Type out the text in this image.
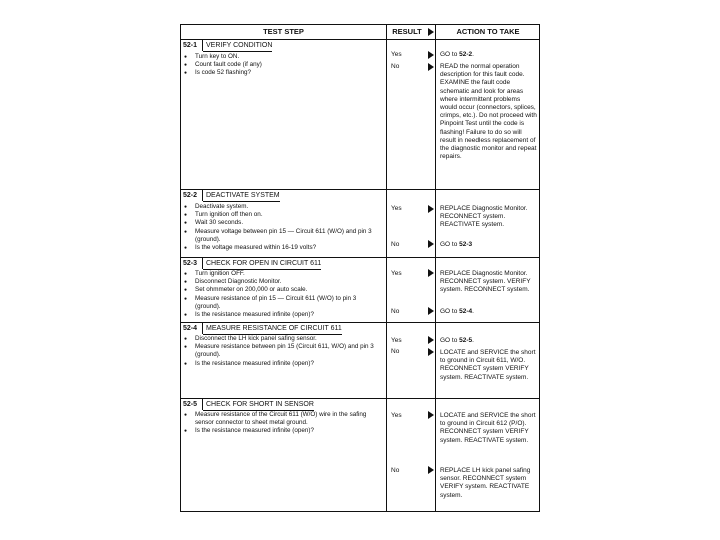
TEST STEP	RESULT	ACTION TO TAKE
52-1 VERIFY CONDITION
● Turn key to ON.
● Count fault code (if any)
● Is code 52 flashing?
Yes	GO to 52-2.
No	READ the normal operation description for this fault code. EXAMINE the fault code schematic and look for areas where intermittent problems would occur (connectors, splices, crimps, etc.). Do not proceed with Pinpoint Test until the code is flashing! Failure to do so will result in needless replacement of the diagnostic monitor and repeat repairs.
52-2 DEACTIVATE SYSTEM
● Deactivate system.
● Turn ignition off then on.
● Wait 30 seconds.
● Measure voltage between pin 15 — Circuit 611 (W/O) and pin 3 (ground).
● Is the voltage measured within 16-19 volts?
Yes	REPLACE Diagnostic Monitor. RECONNECT system. REACTIVATE system.
No	GO to 52-3
52-3 CHECK FOR OPEN IN CIRCUIT 611
● Turn ignition OFF.
● Disconnect Diagnostic Monitor.
● Set ohmmeter on 200,000 or auto scale.
● Measure resistance of pin 15 — Circuit 611 (W/O) to pin 3 (ground).
● Is the resistance measured infinite (open)?
Yes	REPLACE Diagnostic Monitor. RECONNECT system. VERIFY system. RECONNECT system.
No	GO to 52-4.
52-4 MEASURE RESISTANCE OF CIRCUIT 611
● Disconnect the LH kick panel safing sensor.
● Measure resistance between pin 15 (Circuit 611, W/O) and pin 3 (ground).
● Is the resistance measured infinite (open)?
Yes	GO to 52-5.
No	LOCATE and SERVICE the short to ground in Circuit 611, W/O. RECONNECT system VERIFY system. REACTIVATE system.
52-5 CHECK FOR SHORT IN SENSOR
● Measure resistance of the Circuit 611 (W/O) wire in the safing sensor connector to sheet metal ground.
● Is the resistance measured infinite (open)?
Yes	LOCATE and SERVICE the short to ground in Circuit 612 (P/O). RECONNECT system VERIFY system. REACTIVATE system.
No	REPLACE LH kick panel safing sensor. RECONNECT system VERIFY system. REACTIVATE system.
